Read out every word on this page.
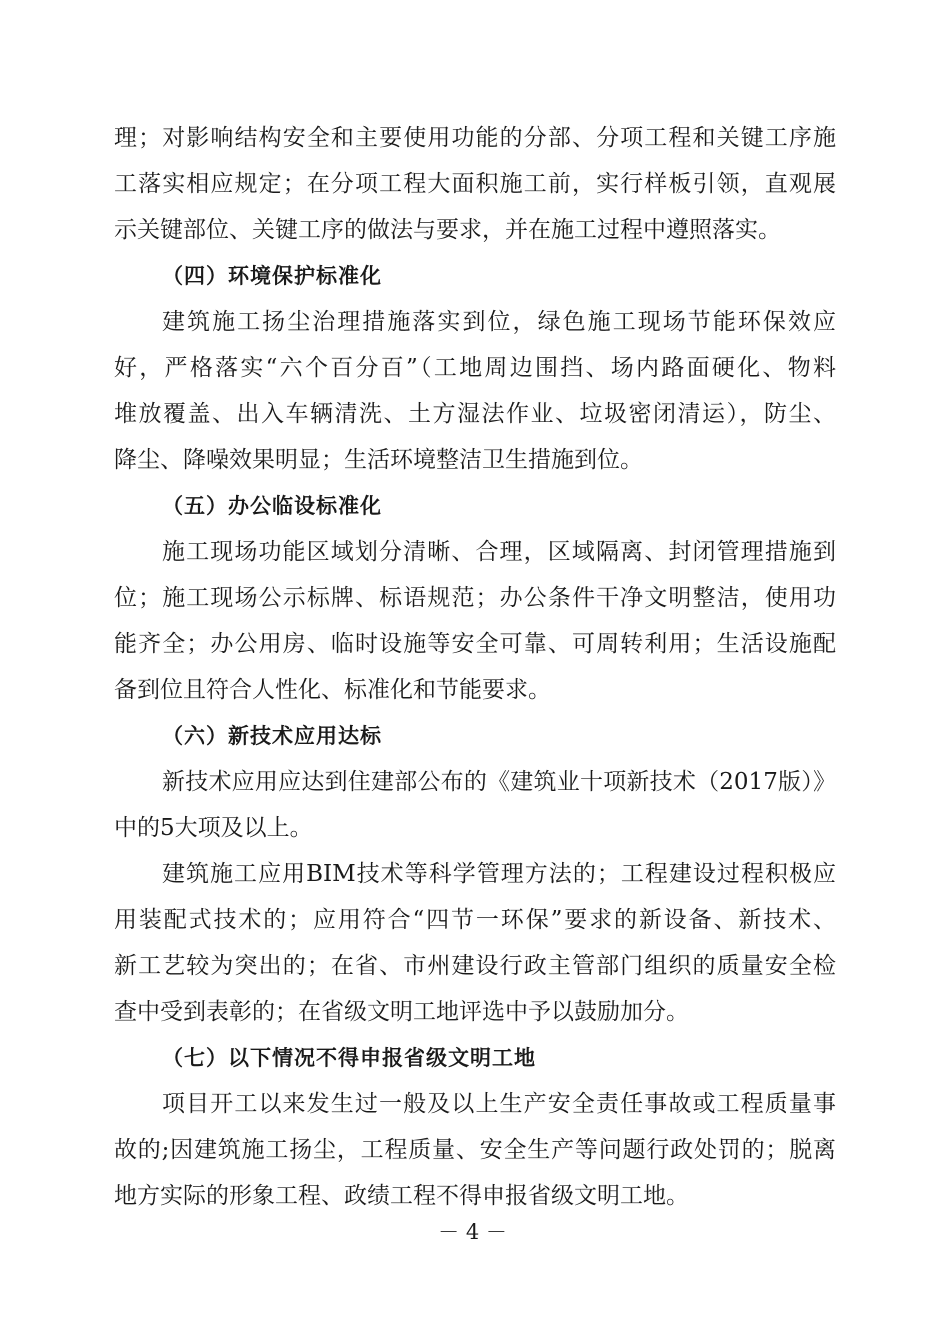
理；对影响结构安全和主要使用功能的分部、分项工程和关键工序施
工落实相应规定；在分项工程大面积施工前，实行样板引领，直观展
示关键部位、关键工序的做法与要求，并在施工过程中遵照落实。
（四）环境保护标准化
建筑施工扬尘治理措施落实到位，绿色施工现场节能环保效应
好，严格落实“六个百分百”（工地周边围挡、场内路面硬化、物料
堆放覆盖、出入车辆清洗、土方湿法作业、垃圾密闭清运），防尘、
降尘、降噪效果明显；生活环境整洁卫生措施到位。
（五）办公临设标准化
施工现场功能区域划分清晰、合理，区域隔离、封闭管理措施到
位；施工现场公示标牌、标语规范；办公条件干净文明整洁，使用功
能齐全；办公用房、临时设施等安全可靠、可周转利用；生活设施配
备到位且符合人性化、标准化和节能要求。
（六）新技术应用达标
新技术应用应达到住建部公布的《建筑业十项新技术（2017版）》
中的5大项及以上。
建筑施工应用BIM技术等科学管理方法的；工程建设过程积极应
用装配式技术的；应用符合“四节一环保”要求的新设备、新技术、
新工艺较为突出的；在省、市州建设行政主管部门组织的质量安全检
查中受到表彰的；在省级文明工地评选中予以鼓励加分。
（七）以下情况不得申报省级文明工地
项目开工以来发生过一般及以上生产安全责任事故或工程质量事
故的;因建筑施工扬尘，工程质量、安全生产等问题行政处罚的；脱离
地方实际的形象工程、政绩工程不得申报省级文明工地。
－ 4 －
